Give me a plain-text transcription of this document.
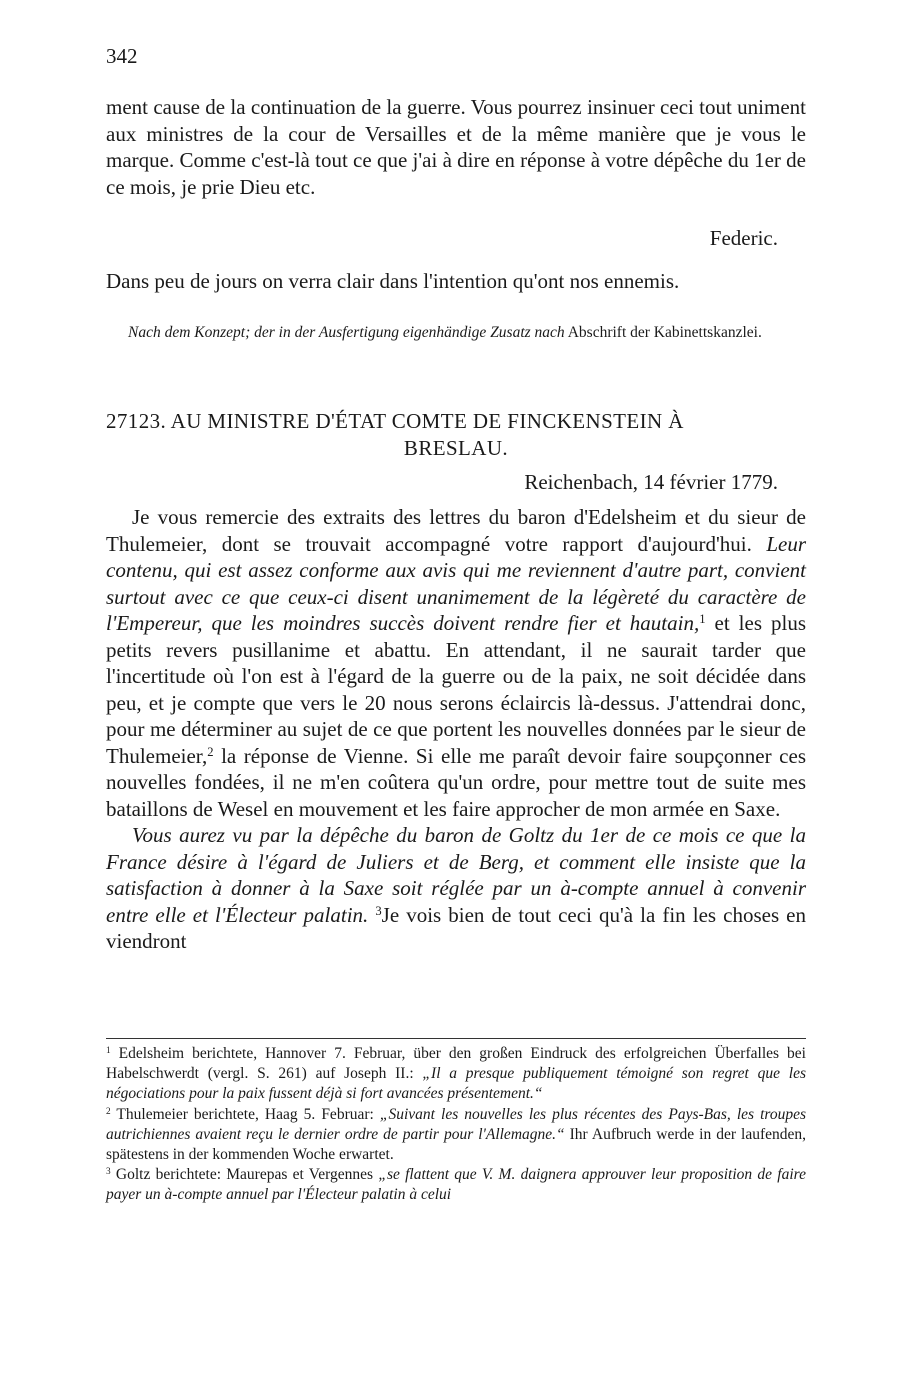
342
ment cause de la continuation de la guerre. Vous pourrez insinuer ceci tout uniment aux ministres de la cour de Versailles et de la même manière que je vous le marque. Comme c'est-là tout ce que j'ai à dire en réponse à votre dépêche du 1er de ce mois, je prie Dieu etc.
Federic.
Dans peu de jours on verra clair dans l'intention qu'ont nos ennemis.
Nach dem Konzept; der in der Ausfertigung eigenhändige Zusatz nach Abschrift der Kabinettskanzlei.
27123. AU MINISTRE D'ÉTAT COMTE DE FINCKENSTEIN À
BRESLAU.
Reichenbach, 14 février 1779.

Je vous remercie des extraits des lettres du baron d'Edelsheim et du sieur de Thulemeier, dont se trouvait accompagné votre rapport d'aujourd'hui. Leur contenu, qui est assez conforme aux avis qui me reviennent d'autre part, convient surtout avec ce que ceux-ci disent unanimement de la légèreté du caractère de l'Empereur, que les moindres succès doivent rendre fier et hautain,$^1$ et les plus petits revers pusillanime et abattu. En attendant, il ne saurait tarder que l'incertitude où l'on est à l'égard de la guerre ou de la paix, ne soit décidée dans peu, et je compte que vers le 20 nous serons éclaircis là-dessus. J'attendrai donc, pour me déterminer au sujet de ce que portent les nouvelles données par le sieur de Thulemeier,$^2$ la réponse de Vienne. Si elle me paraît devoir faire soupçonner ces nouvelles fondées, il ne m'en coûtera qu'un ordre, pour mettre tout de suite mes bataillons de Wesel en mouvement et les faire approcher de mon armée en Saxe.

Vous aurez vu par la dépêche du baron de Goltz du 1er de ce mois ce que la France désire à l'égard de Juliers et de Berg, et comment elle insiste que la satisfaction à donner à la Saxe soit réglée par un à-compte annuel à convenir entre elle et l'Électeur palatin. $^3$Je vois bien de tout ceci qu'à la fin les choses en viendront

$^1$ Edelsheim berichtete, Hannover 7. Februar, über den großen Eindruck des erfolgreichen Überfalles bei Habelschwerdt (vergl. S. 261) auf Joseph II.: „Il a presque publiquement témoigné son regret que les négociations pour la paix fussent déjà si fort avancées présentement.“

$^2$ Thulemeier berichtete, Haag 5. Februar: „Suivant les nouvelles les plus récentes des Pays-Bas, les troupes autrichiennes avaient reçu le dernier ordre de partir pour l'Allemagne.“ Ihr Aufbruch werde in der laufenden, spätestens in der kommenden Woche erwartet.

$^3$ Goltz berichtete: Maurepas et Vergennes „se flattent que V. M. daignera approuver leur proposition de faire payer un à-compte annuel par l'Électeur palatin à celui
